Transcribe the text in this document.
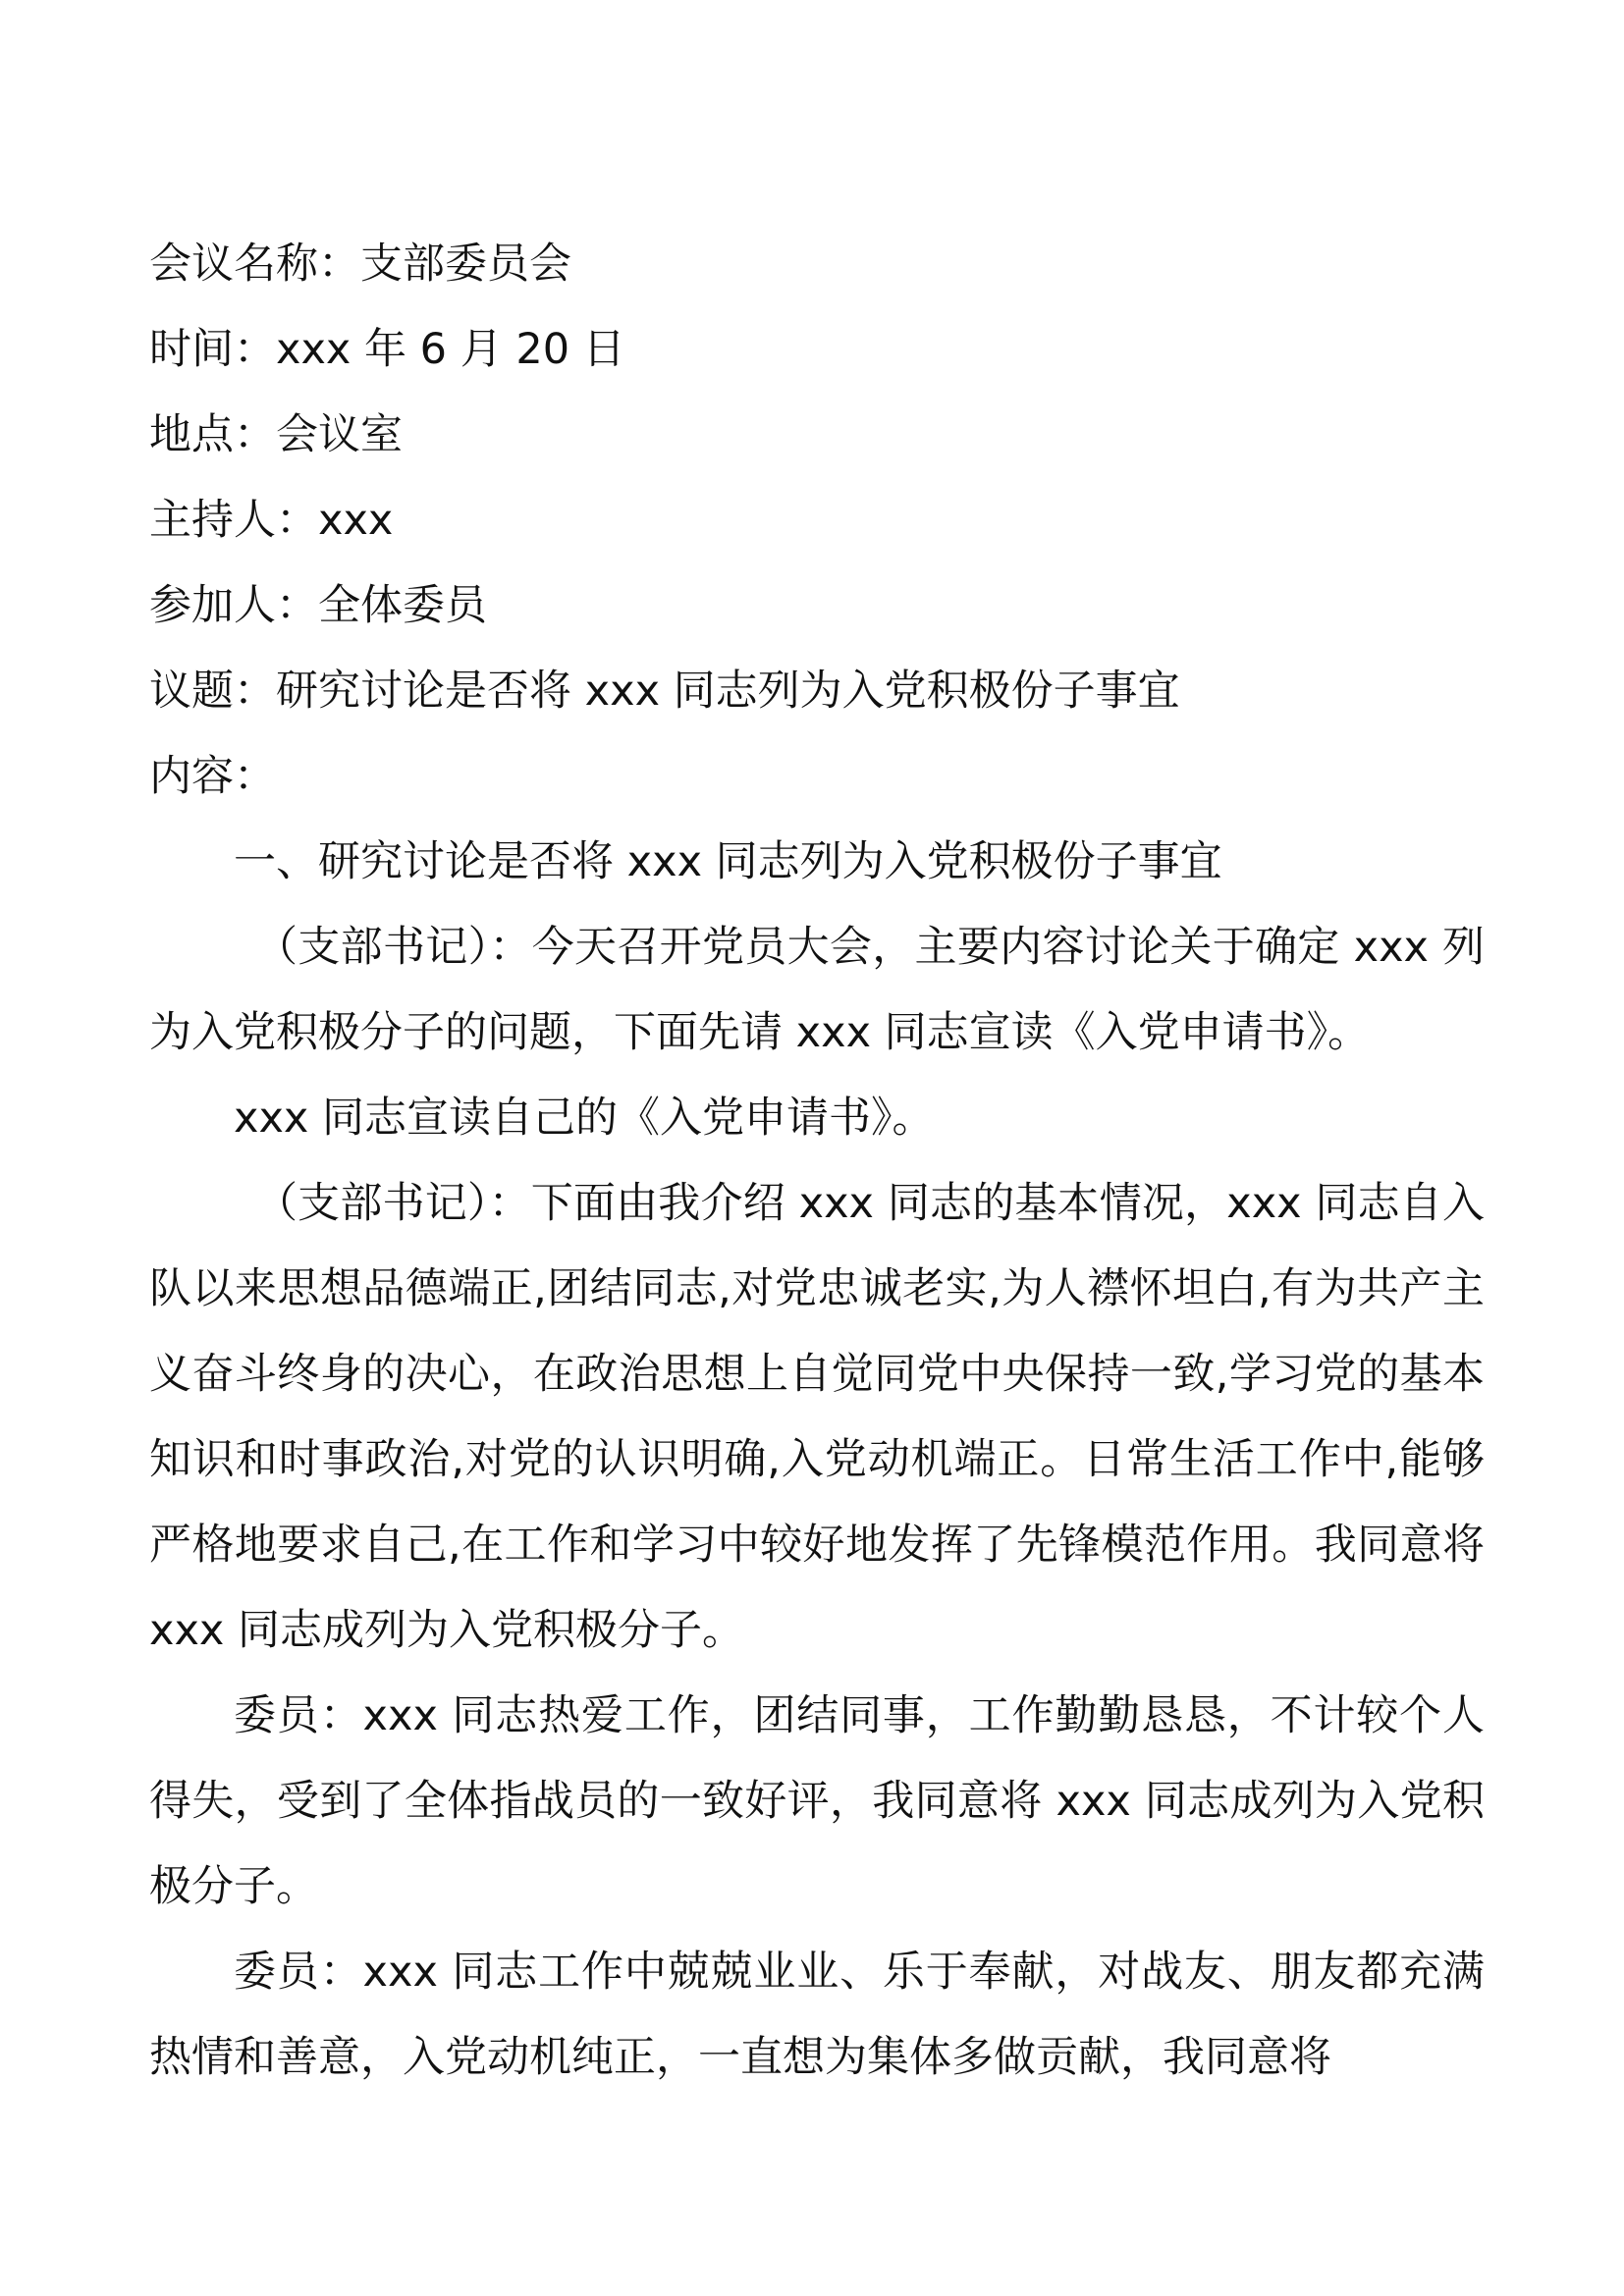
会议名称：支部委员会

时间：xxx 年 6 月 20 日

地点：会议室

主持人：xxx

参加人：全体委员

议题：研究讨论是否将 xxx 同志列为入党积极份子事宜

内容：

一、研究讨论是否将 xxx 同志列为入党积极份子事宜

（支部书记）：今天召开党员大会，主要内容讨论关于确定 xxx 列为入党积极分子的问题，下面先请 xxx 同志宣读《入党申请书》。

xxx 同志宣读自己的《入党申请书》。

（支部书记）：下面由我介绍 xxx 同志的基本情况，xxx 同志自入队以来思想品德端正,团结同志,对党忠诚老实,为人襟怀坦白,有为共产主义奋斗终身的决心，在政治思想上自觉同党中央保持一致,学习党的基本知识和时事政治,对党的认识明确,入党动机端正。日常生活工作中,能够严格地要求自己,在工作和学习中较好地发挥了先锋模范作用。我同意将 xxx 同志成列为入党积极分子。

委员：xxx 同志热爱工作，团结同事，工作勤勤恳恳，不计较个人得失，受到了全体指战员的一致好评，我同意将 xxx 同志成列为入党积极分子。

委员：xxx 同志工作中兢兢业业、乐于奉献，对战友、朋友都充满热情和善意，入党动机纯正，一直想为集体多做贡献，我同意将
